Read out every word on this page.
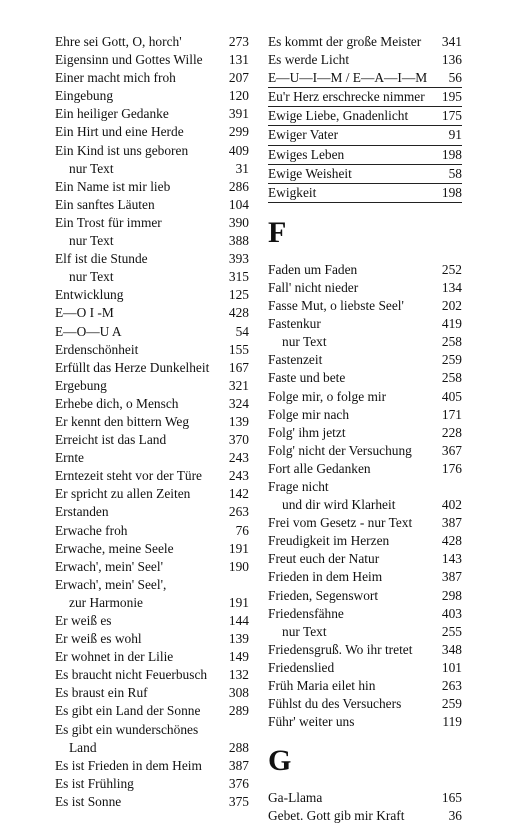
Ehre sei Gott, O, horch'	273
Eigensinn und Gottes Wille	131
Einer macht mich froh	207
Eingebung	120
Ein heiliger Gedanke	391
Ein Hirt und eine Herde	299
Ein Kind ist uns geboren	409
nur Text	31
Ein Name ist mir lieb	286
Ein sanftes Läuten	104
Ein Trost für immer	390
nur Text	388
Elf ist die Stunde	393
nur Text	315
Entwicklung	125
E—O I -M	428
E—O—U A	54
Erdenschönheit	155
Erfüllt das Herze Dunkelheit	167
Ergebung	321
Erhebe dich, o Mensch	324
Er kennt den bittern Weg	139
Erreicht ist das Land	370
Ernte	243
Erntezeit steht vor der Türe	243
Er spricht zu allen Zeiten	142
Erstanden	263
Erwache froh	76
Erwache, meine Seele	191
Erwach', mein' Seel'	190
Erwach', mein' Seel',
zur Harmonie	191
Er weiß es	144
Er weiß es wohl	139
Er wohnet in der Lilie	149
Es braucht nicht Feuerbusch	132
Es braust ein Ruf	308
Es gibt ein Land der Sonne	289
Es gibt ein wunderschönes
Land	288
Es ist Frieden in dem Heim	387
Es ist Frühling	376
Es ist Sonne	375
Es kommt der große Meister	341
Es werde Licht	136
E—U—I—M / E—A—I—M	56
Eu'r Herz erschrecke nimmer	195
Ewige Liebe, Gnadenlicht	175
Ewiger Vater	91
Ewiges Leben	198
Ewige Weisheit	58
Ewigkeit	198
F
Faden um Faden	252
Fall' nicht nieder	134
Fasse Mut, o liebste Seel'	202
Fastenkur	419
nur Text	258
Fastenzeit	259
Faste und bete	258
Folge mir, o folge mir	405
Folge mir nach	171
Folg' ihm jetzt	228
Folg' nicht der Versuchung	367
Fort alle Gedanken	176
Frage nicht
und dir wird Klarheit	402
Frei vom Gesetz - nur Text	387
Freudigkeit im Herzen	428
Freut euch der Natur	143
Frieden in dem Heim	387
Frieden, Segenswort	298
Friedensfähne	403
nur Text	255
Friedensgruß. Wo ihr tretet	348
Friedenslied	101
Früh Maria eilet hin	263
Fühlst du des Versuchers	259
Führ' weiter uns	119
G
Ga-Llama	165
Gebet. Gott gib mir Kraft	36
